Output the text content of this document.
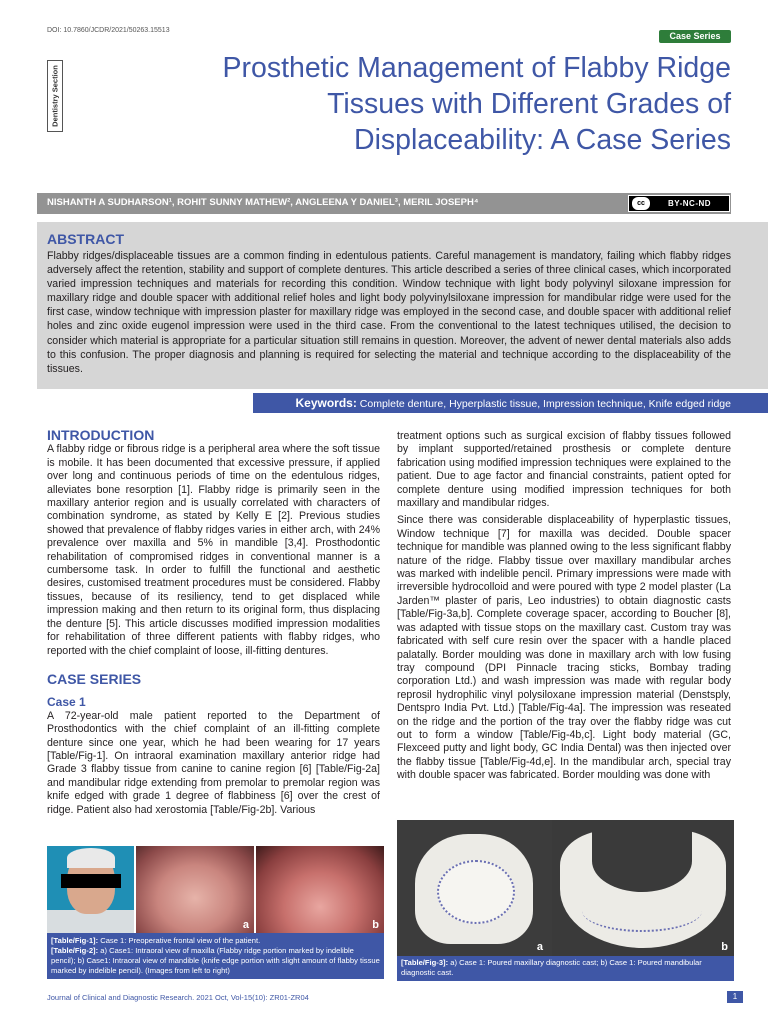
DOI: 10.7860/JCDR/2021/50263.15513
Case Series
Dentistry Section	Prosthetic Management of Flabby Ridge
Tissues with Different Grades of
Displaceability: A Case Series
NISHANTH A SUDHARSON¹, ROHIT SUNNY MATHEW², ANGLEENA Y DANIEL³, MERIL JOSEPH⁴	cc	BY-NC-ND
ABSTRACT
Flabby ridges/displaceable tissues are a common finding in edentulous patients. Careful management is mandatory, failing which flabby ridges adversely affect the retention, stability and support of complete dentures. This article described a series of three clinical cases, which incorporated varied impression techniques and materials for recording this condition. Window technique with light body polyvinyl siloxane impression for maxillary ridge and double spacer with additional relief holes and light body polyvinylsiloxane impression for mandibular ridge were used for the first case, window technique with impression plaster for maxillary ridge was employed in the second case, and double spacer with additional relief holes and zinc oxide eugenol impression were used in the third case. From the conventional to the latest techniques utilised, the decision to consider which material is appropriate for a particular situation still remains in question. Moreover, the advent of newer dental materials also adds to this confusion. The proper diagnosis and planning is required for selecting the material and technique according to the displaceability of the tissues.
Keywords: Complete denture, Hyperplastic tissue, Impression technique, Knife edged ridge
INTRODUCTION

A flabby ridge or fibrous ridge is a peripheral area where the soft tissue is mobile. It has been documented that excessive pressure, if applied over long and continuous periods of time on the edentulous ridges, alleviates bone resorption [1]. Flabby ridge is primarily seen in the maxillary anterior region and is usually correlated with characters of combination syndrome, as stated by Kelly E [2]. Previous studies showed that prevalence of flabby ridges varies in either arch, with 24% prevalence over maxilla and 5% in mandible [3,4]. Prosthodontic rehabilitation of compromised ridges in conventional manner is a cumbersome task. In order to fulfill the functional and aesthetic desires, customised treatment procedures must be considered. Flabby tissues, because of its resiliency, tend to get displaced while impression making and then return to its original form, thus displacing the denture [5]. This article discusses modified impression modalities for rehabilitation of three different patients with flabby ridges, who reported with the chief complaint of loose, ill-fitting dentures.

CASE SERIES
Case 1

A 72-year-old male patient reported to the Department of Prosthodontics with the chief complaint of an ill-fitting complete denture since one year, which he had been wearing for 17 years [Table/Fig-1]. On intraoral examination maxillary anterior ridge had Grade 3 flabby tissue from canine to canine region [6] [Table/Fig-2a] and mandibular ridge extending from premolar to premolar region was knife edged with grade 1 degree of flabbiness [6] over the crest of ridge. Patient also had xerostomia [Table/Fig-2b]. Various

treatment options such as surgical excision of flabby tissues followed by implant supported/retained prosthesis or complete denture fabrication using modified impression techniques were explained to the patient. Due to age factor and financial constraints, patient opted for complete denture using modified impression techniques for both maxillary and mandibular ridges.

Since there was considerable displaceability of hyperplastic tissues, Window technique [7] for maxilla was decided. Double spacer technique for mandible was planned owing to the less significant flabby nature of the ridge. Flabby tissue over maxillary mandibular arches was marked with indelible pencil. Primary impressions were made with irreversible hydrocolloid and were poured with type 2 model plaster (La Jarden™ plaster of paris, Leo industries) to obtain diagnostic casts [Table/Fig-3a,b]. Complete coverage spacer, according to Boucher [8], was adapted with tissue stops on the maxillary cast. Custom tray was fabricated with self cure resin over the spacer with a handle placed palatally. Border moulding was done in maxillary arch with low fusing tray compound (DPI Pinnacle tracing sticks, Bombay trading corporation Ltd.) and wash impression was made with regular body reprosil hydrophilic vinyl polysiloxane impression material (Denstsply, Dentspro India Pvt. Ltd.) [Table/Fig-4a]. The impression was reseated on the ridge and the portion of the tray over the flabby ridge was cut out to form a window [Table/Fig-4b,c]. Light body material (GC, Flexceed putty and light body, GC India Dental) was then injected over the flabby tissue [Table/Fig-4d,e]. In the mandibular arch, special tray with double spacer was fabricated. Border moulding was done with

a	b
[Table/Fig-1]: Case 1: Preoperative frontal view of the patient.
[Table/Fig-2]: a) Case1: Intraoral view of maxilla (Flabby ridge portion marked by indelible pencil); b) Case1: Intraoral view of mandible (knife edge portion with slight amount of flabby tissue marked by indelible pencil). (Images from left to right)
a	b
[Table/Fig-3]: a) Case 1: Poured maxillary diagnostic cast; b) Case 1: Poured mandibular diagnostic cast.
Journal of Clinical and Diagnostic Research. 2021 Oct, Vol-15(10): ZR01-ZR04	1
